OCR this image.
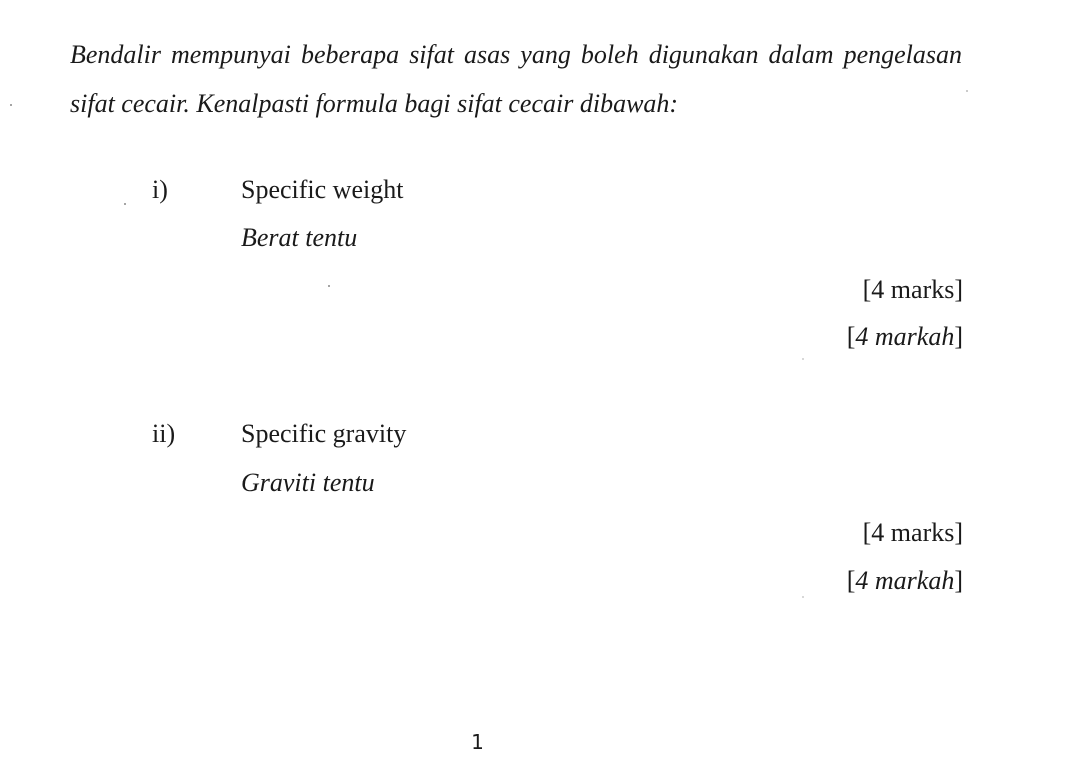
Bendalir mempunyai beberapa sifat asas yang boleh digunakan dalam pengelasan sifat cecair. Kenalpasti formula bagi sifat cecair dibawah:

i)	Specific weight

Berat tentu

[4 marks]

[4 markah]

ii)	Specific gravity

Graviti tentu

[4 marks]

[4 markah]

1
